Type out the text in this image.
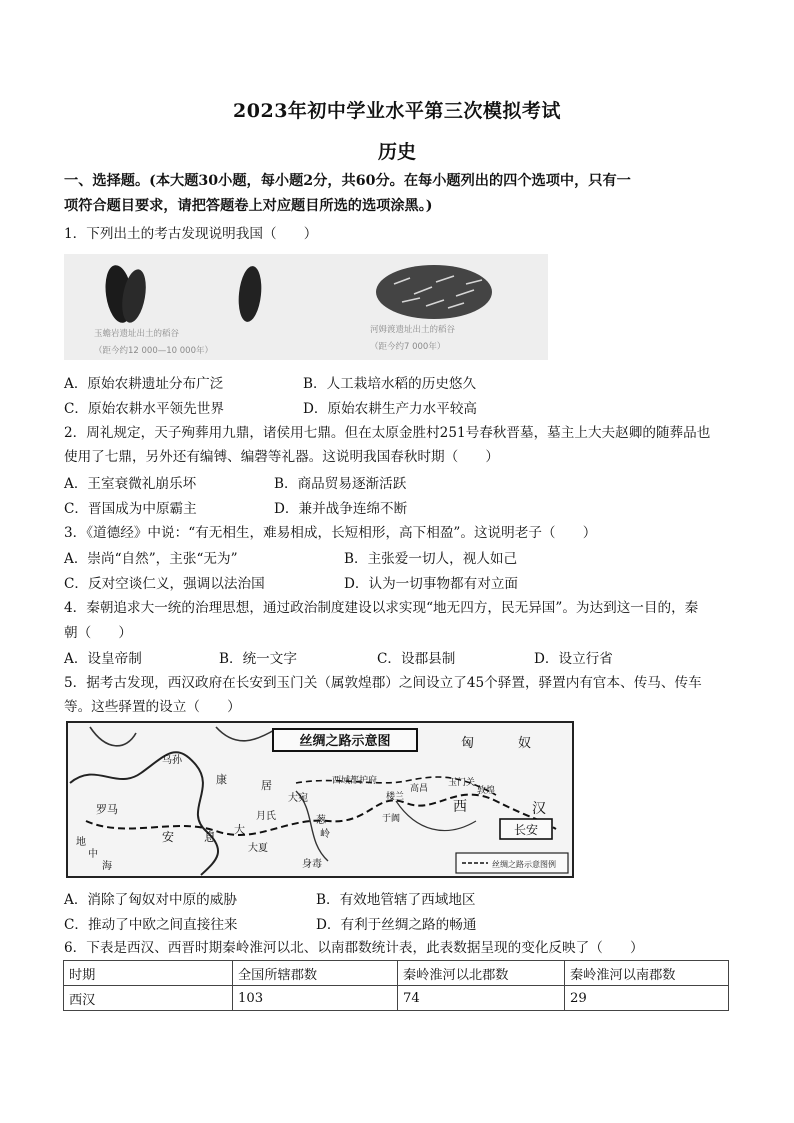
2023年初中学业水平第三次模拟考试
历史
一、选择题。(本大题30小题，每小题2分，共60分。在每小题列出的四个选项中，只有一
项符合题目要求，请把答题卷上对应题目所选的选项涂黑。)
1．下列出土的考古发现说明我国（　　）
玉蟾岩遗址出土的稻谷
（距今约12 000—10 000年）
河姆渡遗址出土的稻谷
（距今约7 000年）
A．原始农耕遗址分布广泛	B．人工栽培水稻的历史悠久
C．原始农耕水平领先世界	D．原始农耕生产力水平较高
2．周礼规定，天子殉葬用九鼎，诸侯用七鼎。但在太原金胜村251号春秋晋墓，墓主上大夫赵卿的随葬品也
使用了七鼎，另外还有编镈、编磬等礼器。这说明我国春秋时期（　　）
A．王室衰微礼崩乐坏	B．商品贸易逐渐活跃
C．晋国成为中原霸主	D．兼并战争连绵不断
3．《道德经》中说：“有无相生，难易相成，长短相形，高下相盈”。这说明老子（　　）
A．崇尚“自然”，主张“无为”	B．主张爱一切人，视人如己
C．反对空谈仁义，强调以法治国	D．认为一切事物都有对立面
4．秦朝追求大一统的治理思想，通过政治制度建设以求实现“地无四方，民无异国”。为达到这一目的，秦
朝（　　）
A．设皇帝制	B．统一文字	C．设郡县制	D．设立行省
5．据考古发现，西汉政府在长安到玉门关（属敦煌郡）之间设立了45个驿置，驿置内有官本、传马、传车
等。这些驿置的设立（　　）
丝绸之路示意图	匈	奴
西	汉
长安
安 息
大
月氏
康	居
大宛
大夏
乌孙
葱
岭
敦煌
玉门关
西域都护府
楼兰
于阗
高昌
罗马
身毒
地
中
海	丝绸之路示意图例
A．消除了匈奴对中原的威胁	B．有效地管辖了西域地区
C．推动了中欧之间直接往来	D．有利于丝绸之路的畅通
6．下表是西汉、西晋时期秦岭淮河以北、以南郡数统计表，此表数据呈现的变化反映了（　　）
时期	全国所辖郡数	秦岭淮河以北郡数	秦岭淮河以南郡数
西汉	103	74	29
